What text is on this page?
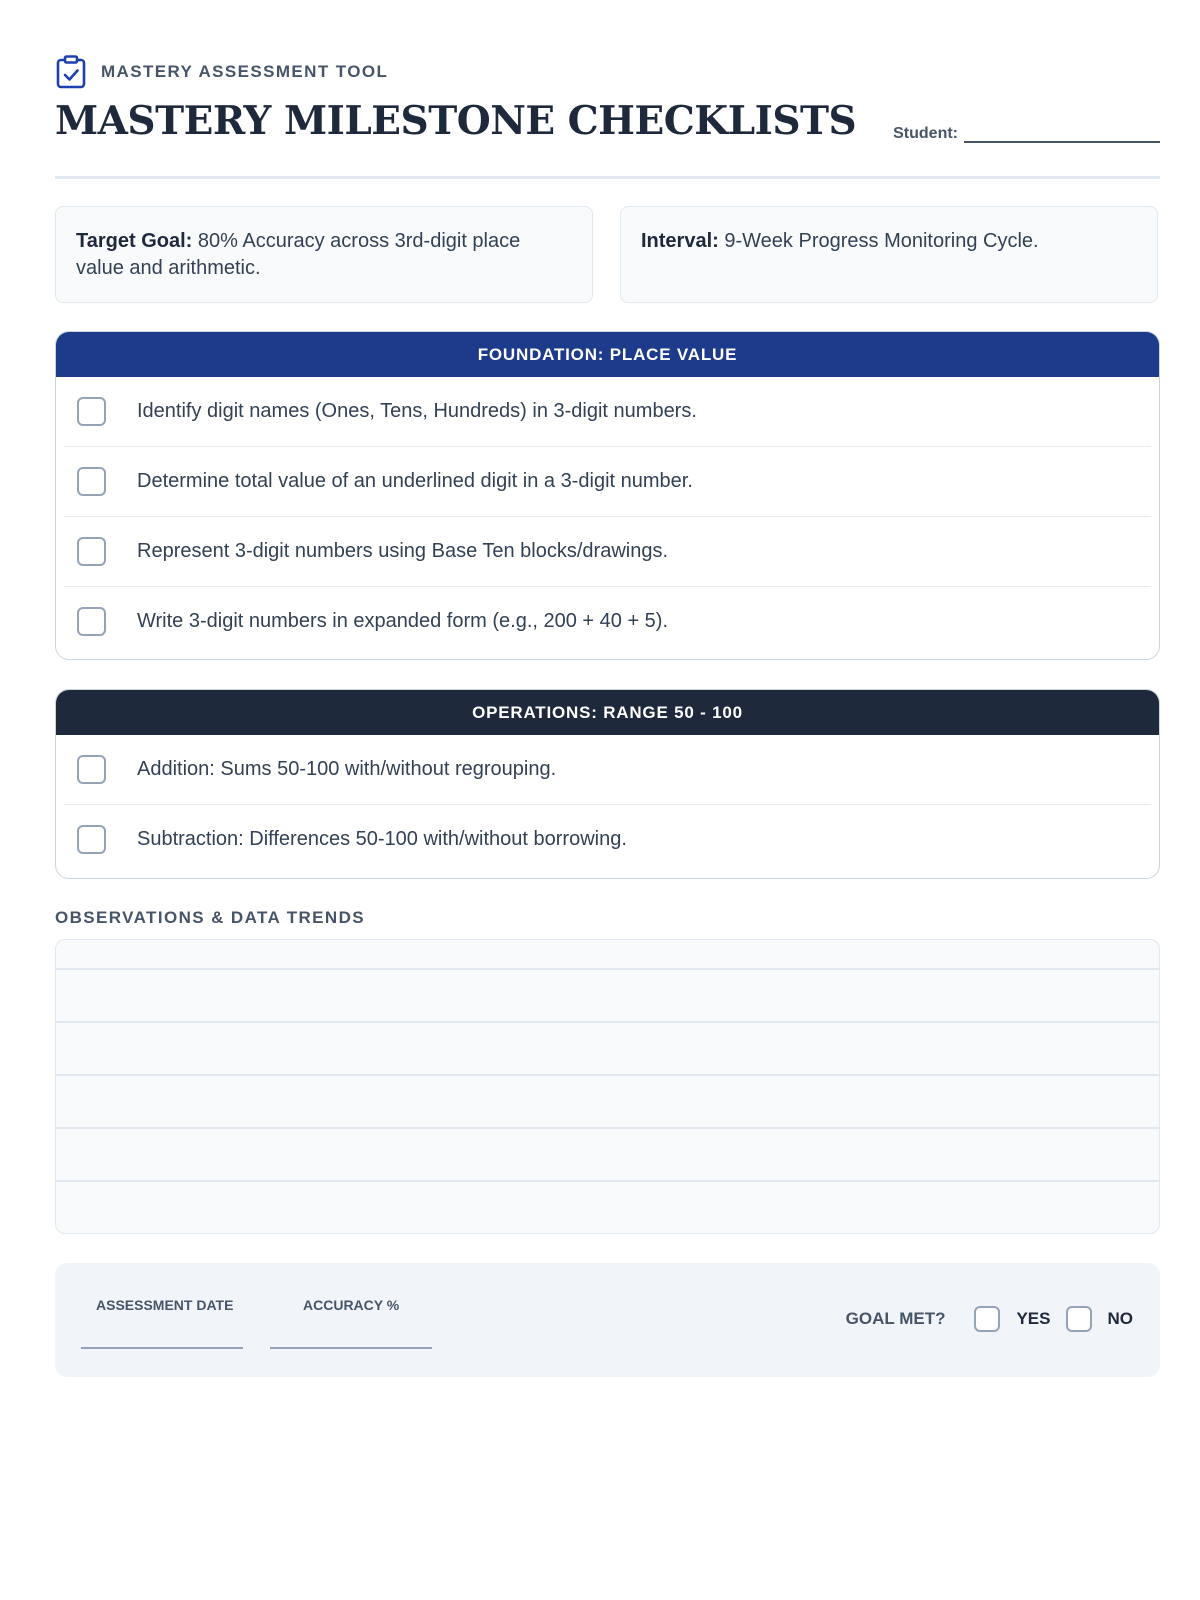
MASTERY ASSESSMENT TOOL
MASTERY MILESTONE CHECKLISTS Student:
Target Goal: 80% Accuracy across 3rd-digit place value and arithmetic.
Interval: 9-Week Progress Monitoring Cycle.
FOUNDATION: PLACE VALUE
Identify digit names (Ones, Tens, Hundreds) in 3-digit numbers.
Determine total value of an underlined digit in a 3-digit number.
Represent 3-digit numbers using Base Ten blocks/drawings.
Write 3-digit numbers in expanded form (e.g., 200 + 40 + 5).
OPERATIONS: RANGE 50 - 100
Addition: Sums 50-100 with/without regrouping.
Subtraction: Differences 50-100 with/without borrowing.
OBSERVATIONS & DATA TRENDS
ASSESSMENT DATE	ACCURACY %
GOAL MET?	YES	NO
